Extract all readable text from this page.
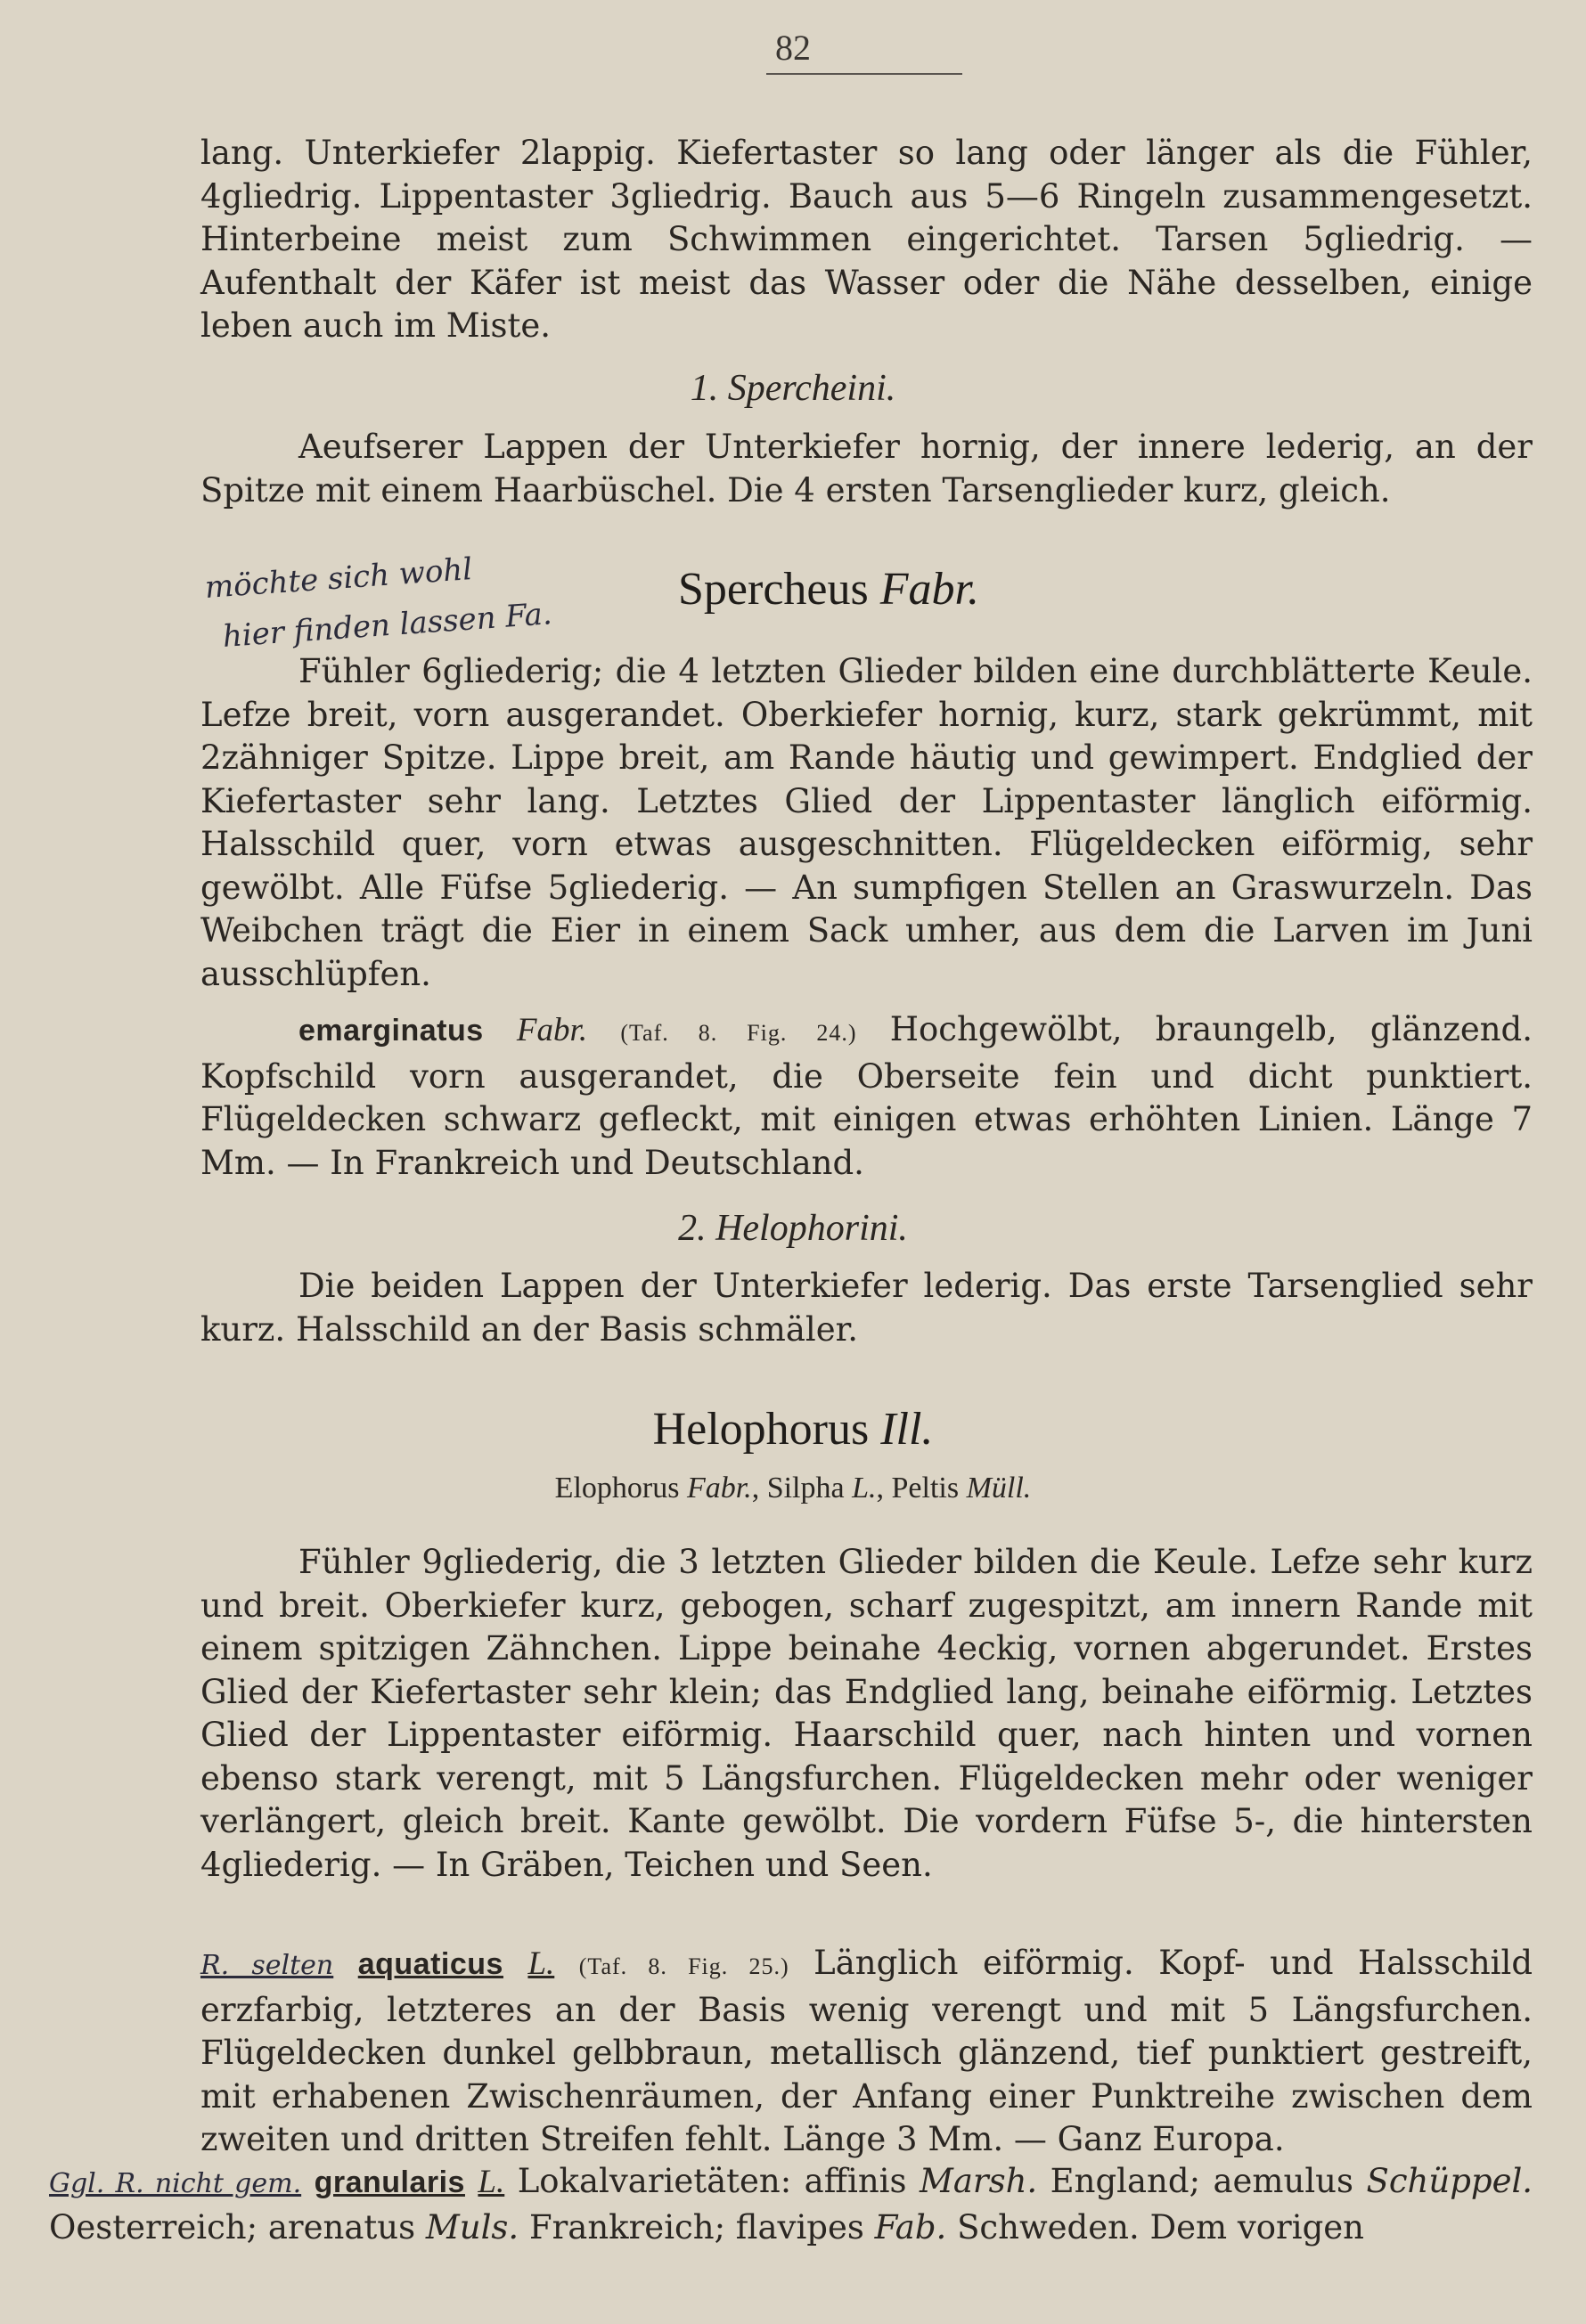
82
lang. Unterkiefer 2lappig. Kiefertaster so lang oder länger als die Fühler, 4gliedrig. Lippentaster 3gliedrig. Bauch aus 5—6 Ringeln zusammengesetzt. Hinterbeine meist zum Schwimmen eingerichtet. Tarsen 5gliedrig. — Aufenthalt der Käfer ist meist das Wasser oder die Nähe desselben, einige leben auch im Miste.
1. Spercheini.
Aeufserer Lappen der Unterkiefer hornig, der innere lederig, an der Spitze mit einem Haarbüschel. Die 4 ersten Tarsenglieder kurz, gleich.
möchte sich wohl
hier finden lassen Fa.
Spercheus Fabr.
Fühler 6gliederig; die 4 letzten Glieder bilden eine durchblätterte Keule. Lefze breit, vorn ausgerandet. Oberkiefer hornig, kurz, stark gekrümmt, mit 2zähniger Spitze. Lippe breit, am Rande häutig und gewimpert. Endglied der Kiefertaster sehr lang. Letztes Glied der Lippentaster länglich eiförmig. Halsschild quer, vorn etwas ausgeschnitten. Flügeldecken eiförmig, sehr gewölbt. Alle Füfse 5gliederig. — An sumpfigen Stellen an Graswurzeln. Das Weibchen trägt die Eier in einem Sack umher, aus dem die Larven im Juni ausschlüpfen.
emarginatus Fabr. (Taf. 8. Fig. 24.) Hochgewölbt, braungelb, glänzend. Kopfschild vorn ausgerandet, die Oberseite fein und dicht punktiert. Flügeldecken schwarz gefleckt, mit einigen etwas erhöhten Linien. Länge 7 Mm. — In Frankreich und Deutschland.
2. Helophorini.
Die beiden Lappen der Unterkiefer lederig. Das erste Tarsenglied sehr kurz. Halsschild an der Basis schmäler.
Helophorus Ill.
Elophorus Fabr., Silpha L., Peltis Müll.
Fühler 9gliederig, die 3 letzten Glieder bilden die Keule. Lefze sehr kurz und breit. Oberkiefer kurz, gebogen, scharf zugespitzt, am innern Rande mit einem spitzigen Zähnchen. Lippe beinahe 4eckig, vornen abgerundet. Erstes Glied der Kiefertaster sehr klein; das Endglied lang, beinahe eiförmig. Letztes Glied der Lippentaster eiförmig. Haarschild quer, nach hinten und vornen ebenso stark verengt, mit 5 Längsfurchen. Flügeldecken mehr oder weniger verlängert, gleich breit. Kante gewölbt. Die vordern Füfse 5-, die hintersten 4gliederig. — In Gräben, Teichen und Seen.
R. selten aquaticus L. (Taf. 8. Fig. 25.) Länglich eiförmig. Kopf- und Halsschild erzfarbig, letzteres an der Basis wenig verengt und mit 5 Längsfurchen. Flügeldecken dunkel gelbbraun, metallisch glänzend, tief punktiert gestreift, mit erhabenen Zwischenräumen, der Anfang einer Punktreihe zwischen dem zweiten und dritten Streifen fehlt. Länge 3 Mm. — Ganz Europa.
Ggl. R. nicht gem. granularis L. Lokalvarietäten: affinis Marsh. England; aemulus Schüppel. Oesterreich; arenatus Muls. Frankreich; flavipes Fab. Schweden. Dem vorigen
